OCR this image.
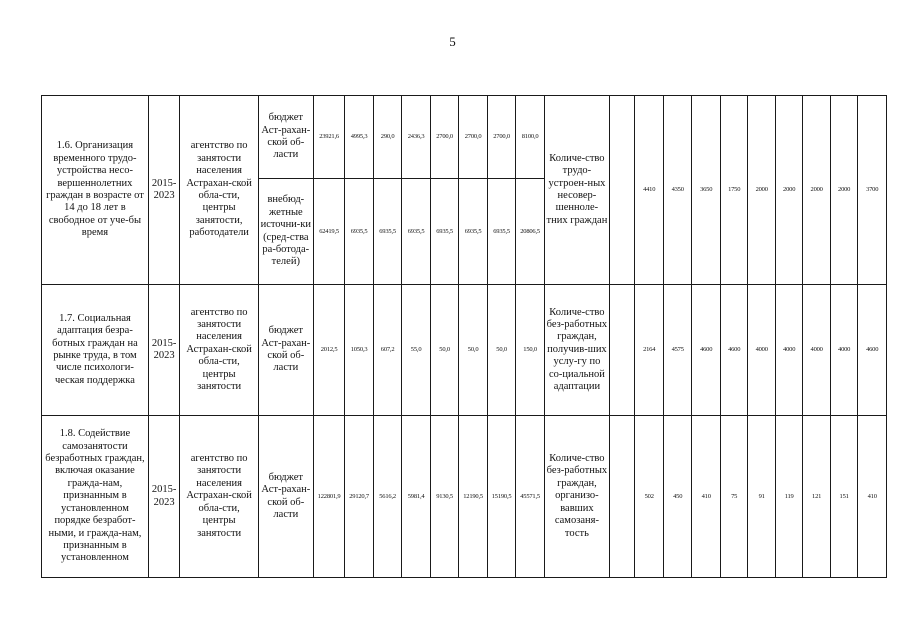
5
1.6. Организация временного трудо-устройства несо-вершеннолетних граждан в возрасте от 14 до 18 лет в свободное от уче-бы время	2015-2023	агентство по занятости населения Астрахан-ской обла-сти, центры занятости, работодатели	бюджет Аст-рахан-ской об-ласти	23921,6	4995,3	290,0	2436,3	2700,0	2700,0	2700,0	8100,0	Количе-ство трудо-устроен-ных несовер-шенноле-тних граждан		4410	4350	3650	1750	2000	2000	2000	2000	3700
			внебюд-жетные источни-ки (сред-ства ра-ботода-телей)	62419,5	6935,5	6935,5	6935,5	6935,5	6935,5	6935,5	20806,5											
1.7. Социальная адаптация безра-ботных граждан на рынке труда, в том числе психологи-ческая поддержка	2015-2023	агентство по занятости населения Астрахан-ской обла-сти, центры занятости	бюджет Аст-рахан-ской об-ласти	2012,5	1050,3	607,2	55,0	50,0	50,0	50,0	150,0	Количе-ство без-работных граждан, получив-ших услу-гу по со-циальной адаптации		2164	4575	4600	4600	4000	4000	4000	4000	4600
1.8. Содействие самозанятости безработных граждан, включая оказание гражда-нам, признанным в установленном порядке безработ-ными, и гражда-нам, признанным в установленном	2015-2023	агентство по занятости населения Астрахан-ской обла-сти, центры занятости	бюджет Аст-рахан-ской об-ласти	122801,9	29120,7	5616,2	5981,4	9130,5	12190,5	15190,5	45571,5	Количе-ство без-работных граждан, организо-вавших самозаня-тость		502	450	410	75	91	119	121	151	410
